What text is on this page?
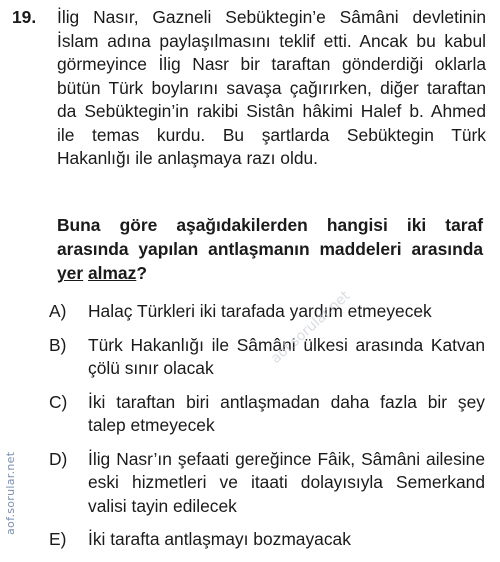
19. İlig Nasır, Gazneli Sebüktegin’e Sâmâni devletinin İslam adına paylaşılmasını teklif etti. Ancak bu kabul görmeyince İlig Nasr bir taraftan gönderdiği oklarla bütün Türk boylarını savaşa çağırırken, diğer taraftan da Sebüktegin’in rakibi Sistân hâkimi Halef b. Ahmed ile temas kurdu. Bu şartlarda Sebüktegin Türk Hakanlığı ile anlaşmaya razı oldu.
Buna göre aşağıdakilerden hangisi iki taraf arasında yapılan antlaşmanın maddeleri arasında yer almaz?
A)	Halaç Türkleri iki tarafada yardım etmeyecek
B)	Türk Hakanlığı ile Sâmâni ülkesi arasında Katvan çölü sınır olacak
C)	İki taraftan biri antlaşmadan daha fazla bir şey talep etmeyecek
D)	İlig Nasr’ın şefaati gereğince Fâik, Sâmâni ailesine eski hizmetleri ve itaati dolayısıyla Semerkand valisi tayin edilecek
E)	İki tarafta antlaşmayı bozmayacak
aof.sorular.net
aof.sorular.net
